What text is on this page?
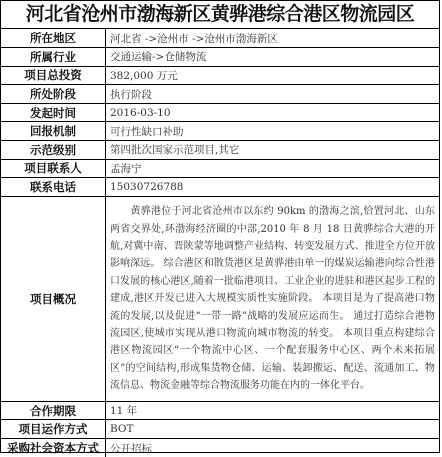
河北省沧州市渤海新区黄骅港综合港区物流园区
所在地区	河北省 ->沧州市 ->沧州市渤海新区
所属行业	交通运输->仓储物流
项目总投资	382,000 万元
所处阶段	执行阶段
发起时间	2016-03-10
回报机制	可行性缺口补助
示范级别	第四批次国家示范项目,其它
项目联系人	孟海宁
联系电话	15030726788
项目概况	　　黄骅港位于河北省沧州市以东约 90km 的渤海之滨,恰置河北、山东两省交界处,环渤海经济圈的中部,2010 年 8 月 18 日黄骅综合大港的开航,对冀中南、晋陕蒙等地调整产业结构、转变发展方式、推进全方位开放影响深远。 综合港区和散货港区是黄骅港由单一的煤炭运输港向综合性港口发展的核心港区,随着一批临港项目、工业企业的进驻和港区起步工程的建成,港区开发已进入大规模实质性实施阶段。 本项目是为了提高港口物流的发展,以及促进“一带一路”战略的发展应运而生。 通过打造综合港物流园区,使城市实现从港口物流向城市物流的转变。 本项目重点构建综合港区物流园区“一个物流中心区、一个配套服务中心区、两个未来拓展区”的空间结构,形成集货物仓储、运输、装卸搬运、配送、流通加工、物流信息、物流金融等综合物流服务功能在内的一体化平台。
合作期限	11 年
项目运作方式	BOT
采购社会资本方式	公开招标
